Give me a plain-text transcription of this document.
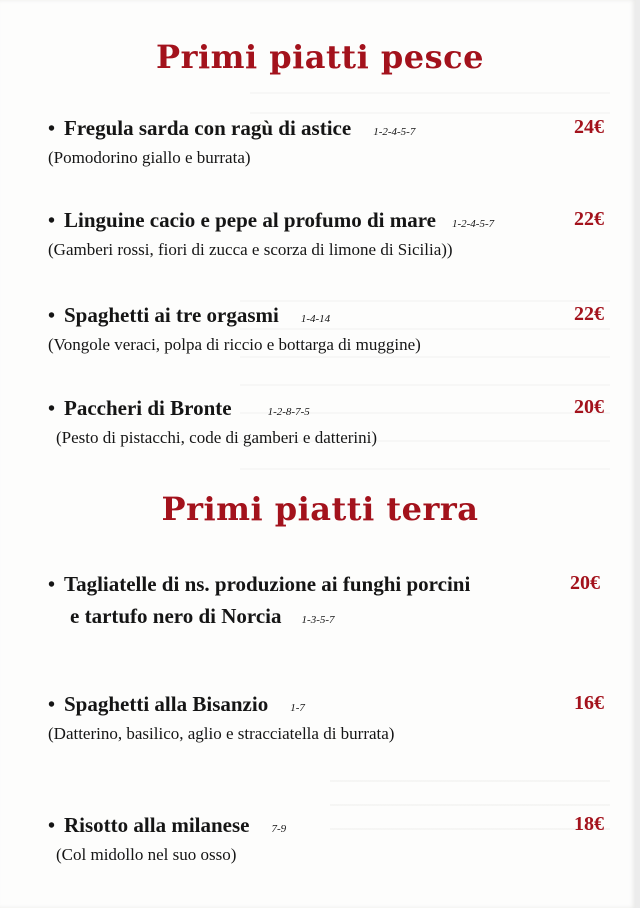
Primi piatti pesce
• Fregula sarda con ragù di astice 1-2-4-5-7	24€
(Pomodorino giallo e burrata)
• Linguine cacio e pepe al profumo di mare 1-2-4-5-7	22€
(Gamberi rossi, fiori di zucca e scorza di limone di Sicilia))
• Spaghetti ai tre orgasmi 1-4-14	22€
(Vongole veraci, polpa di riccio e bottarga di muggine)
• Paccheri di Bronte	1-2-8-7-5	20€
(Pesto di pistacchi, code di gamberi e datterini)
Primi piatti terra
• Tagliatelle di ns. produzione ai funghi porcini	20€
e tartufo nero di Norcia 1-3-5-7
• Spaghetti alla Bisanzio 1-7	16€
(Datterino, basilico, aglio e stracciatella di burrata)
• Risotto alla milanese 7-9	18€
(Col midollo nel suo osso)
